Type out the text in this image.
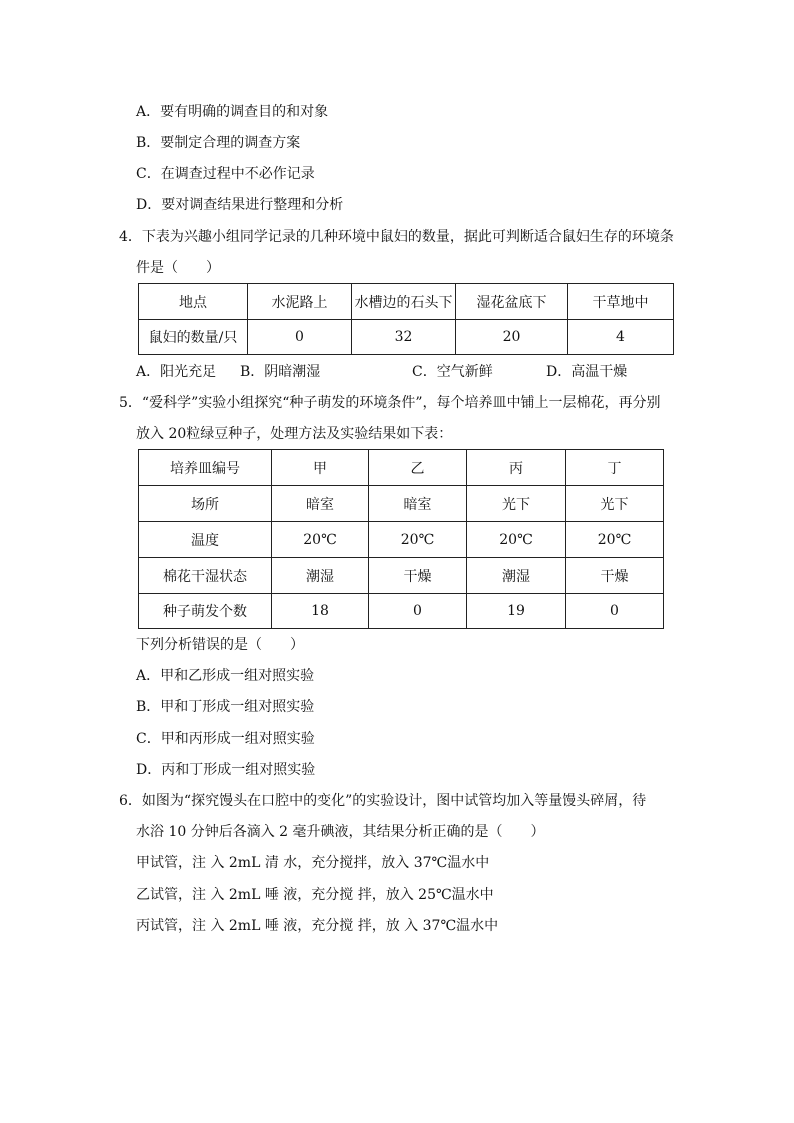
A．要有明确的调查目的和对象
B．要制定合理的调查方案
C．在调查过程中不必作记录
D．要对调查结果进行整理和分析
4．下表为兴趣小组同学记录的几种环境中鼠妇的数量，据此可判断适合鼠妇生存的环境条
件是（　　）
地点	水泥路上	水槽边的石头下	湿花盆底下	干草地中
鼠妇的数量/只	0	32	20	4
A．阳光充足 B．阴暗潮湿	C．空气新鲜	D．高温干燥
5．“爱科学”实验小组探究“种子萌发的环境条件”，每个培养皿中铺上一层棉花，再分别
放入 20粒绿豆种子，处理方法及实验结果如下表：
培养皿编号	甲	乙	丙	丁
场所	暗室	暗室	光下	光下
温度	20℃	20℃	20℃	20℃
棉花干湿状态	潮湿	干燥	潮湿	干燥
种子萌发个数	18	0	19	0
下列分析错误的是（　　）
A．甲和乙形成一组对照实验
B．甲和丁形成一组对照实验
C．甲和丙形成一组对照实验
D．丙和丁形成一组对照实验
6．如图为“探究馒头在口腔中的变化”的实验设计，图中试管均加入等量馒头碎屑，待
水浴 10 分钟后各滴入 2 毫升碘液，其结果分析正确的是（　　）
甲试管，注 入 2mL 清 水，充分搅拌，放入 37℃温水中
乙试管，注 入 2mL 唾 液，充分搅 拌，放入 25℃温水中
丙试管，注 入 2mL 唾 液，充分搅 拌，放 入 37℃温水中
